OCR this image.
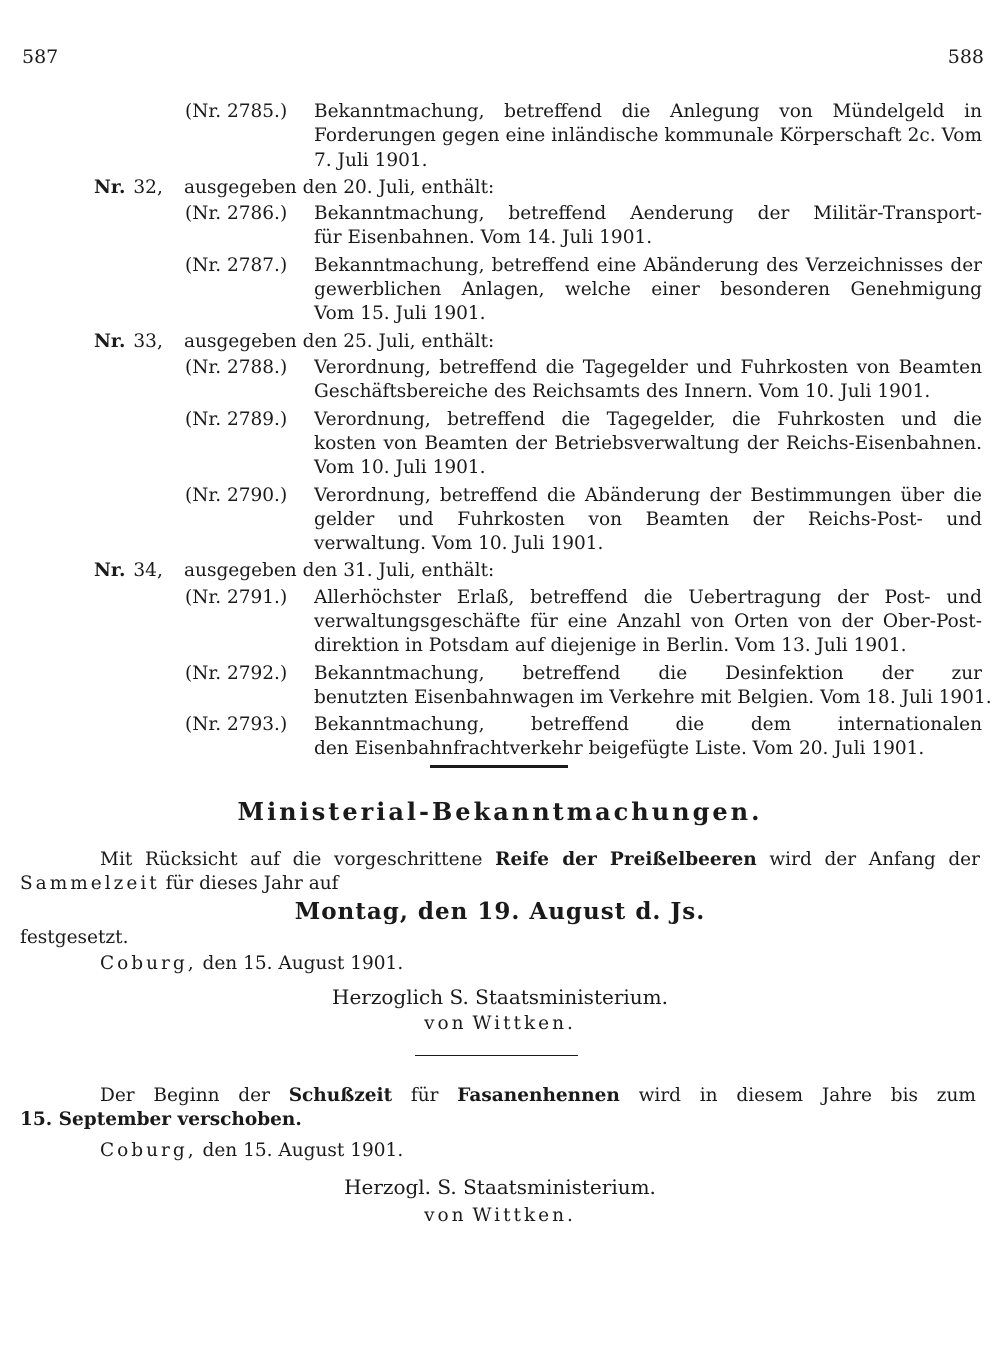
587	588
(Nr. 2785.) Bekanntmachung, betreffend die Anlegung von Mündelgeld in
Forderungen gegen eine inländische kommunale Körperschaft 2c. Vom
7. Juli 1901.
Nr. 32, ausgegeben den 20. Juli, enthält:
(Nr. 2786.) Bekanntmachung, betreffend Aenderung der Militär-Transport-
für Eisenbahnen. Vom 14. Juli 1901.
(Nr. 2787.) Bekanntmachung, betreffend eine Abänderung des Verzeichnisses der
gewerblichen Anlagen, welche einer besonderen Genehmigung
Vom 15. Juli 1901.
Nr. 33, ausgegeben den 25. Juli, enthält:
(Nr. 2788.) Verordnung, betreffend die Tagegelder und Fuhrkosten von Beamten
Geschäftsbereiche des Reichsamts des Innern. Vom 10. Juli 1901.
(Nr. 2789.) Verordnung, betreffend die Tagegelder, die Fuhrkosten und die
kosten von Beamten der Betriebsverwaltung der Reichs-Eisenbahnen.
Vom 10. Juli 1901.
(Nr. 2790.) Verordnung, betreffend die Abänderung der Bestimmungen über die
gelder und Fuhrkosten von Beamten der Reichs-Post- und
verwaltung. Vom 10. Juli 1901.
Nr. 34, ausgegeben den 31. Juli, enthält:
(Nr. 2791.) Allerhöchster Erlaß, betreffend die Uebertragung der Post- und
verwaltungsgeschäfte für eine Anzahl von Orten von der Ober-Post-
direktion in Potsdam auf diejenige in Berlin. Vom 13. Juli 1901.
(Nr. 2792.) Bekanntmachung, betreffend die Desinfektion der zur
benutzten Eisenbahnwagen im Verkehre mit Belgien. Vom 18. Juli 1901.
(Nr. 2793.) Bekanntmachung, betreffend die dem internationalen
den Eisenbahnfrachtverkehr beigefügte Liste. Vom 20. Juli 1901.
Ministerial-Bekanntmachungen.
Mit Rücksicht auf die vorgeschrittene Reife der Preißelbeeren wird der Anfang der
Sammelzeit für dieses Jahr auf
Montag, den 19. August d. Js.
festgesetzt.
Coburg, den 15. August 1901.
Herzoglich S. Staatsministerium.
von Wittken.
Der Beginn der Schußzeit für Fasanenhennen wird in diesem Jahre bis zum
15. September verschoben.
Coburg, den 15. August 1901.
Herzogl. S. Staatsministerium.
von Wittken.
